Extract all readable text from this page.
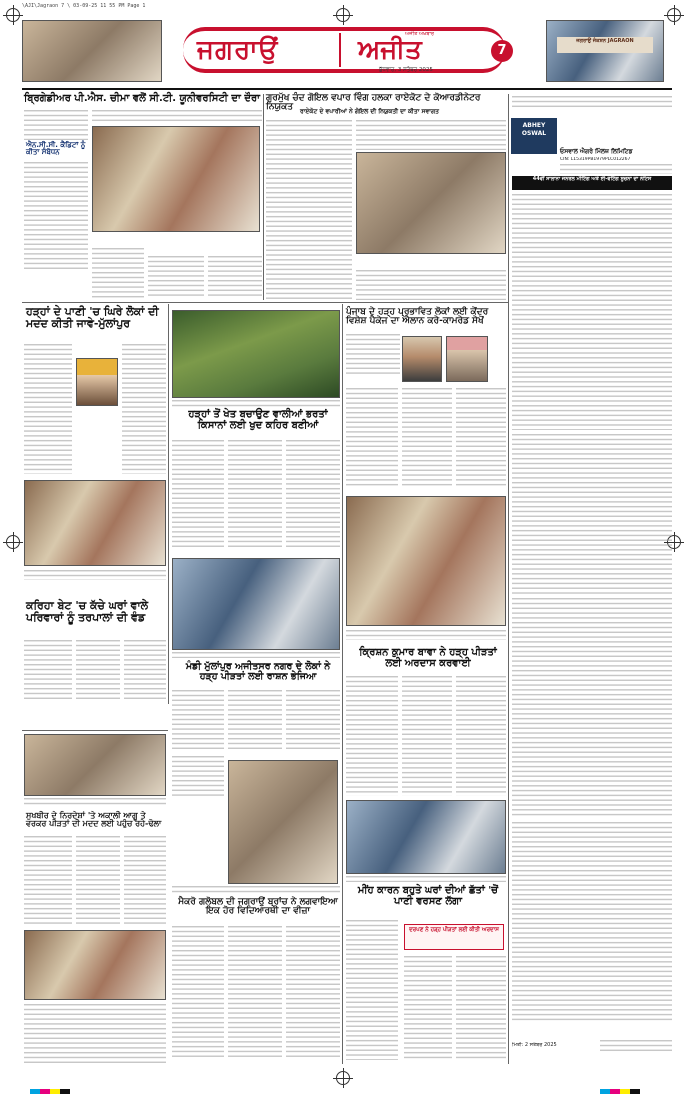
\AJI\Jagraon 7 \ 03-09-25 11 55 PM Page 1
ਜਗਰਾਉਂ
ਅਜੀਤ ਅਖ਼ਬਾਰ
ਅਜੀਤ
ਬੁੱਧਵਾਰ, 3 ਸਤੰਬਰ 2025
7
ਜਗਰਾਉਂ ਜੰਕਸ਼ਨ JAGRAON
ਬ੍ਰਿਗੇਡੀਅਰ ਪੀ.ਐਸ. ਚੀਮਾ ਵਲੋਂ ਸੀ.ਟੀ. ਯੂਨੀਵਰਸਿਟੀ ਦਾ ਦੌਰਾ ਗੁਰਮੁੱਖ ਚੰਦ ਗੋਇਲ ਵਪਾਰ ਵਿੰਗ ਹਲਕਾ ਰਾਏਕੋਟ ਦੇ ਕੋਆਰਡੀਨੇਟਰ ਨਿਯੁਕਤ	ਰਾਏਕੋਟ ਦੇ ਵਪਾਰੀਆਂ ਨੇ ਗੋਇਲ ਦੀ ਨਿਯੁਕਤੀ ਦਾ ਕੀਤਾ ਸਵਾਗਤ
ਐਨ.ਸੀ.ਸੀ. ਕੈਡਿਟਾਂ ਨੂੰ ਕੀਤਾ ਸੰਬੋਧਨ
ਹੜ੍ਹਾਂ ਦੇ ਪਾਣੀ 'ਚ ਘਿਰੇ ਲੋਕਾਂ ਦੀ ਮਦਦ ਕੀਤੀ ਜਾਵੇ-ਮੁੱਲਾਂਪੁਰ
ਹੜ੍ਹਾਂ ਤੋਂ ਖੇਤ ਬਚਾਉਣ ਵਾਲੀਆਂ ਭਰਤਾਂ ਕਿਸਾਨਾਂ ਲਈ ਖੁਦ ਕਹਿਰ ਬਣੀਆਂ
ਪੰਜਾਬ ਦੇ ਹੜ੍ਹ ਪ੍ਰਭਾਵਿਤ ਲੋਕਾਂ ਲਈ ਕੇਂਦਰ ਵਿਸ਼ੇਸ਼ ਪੈਕੇਜ ਦਾ ਐਲਾਨ ਕਰੇ-ਕਾਮਰੇਡ ਸੇਖੋਂ
ਕਰਿਹਾ ਬੇਟ 'ਚ ਕੱਚੇ ਘਰਾਂ ਵਾਲੇ ਪਰਿਵਾਰਾਂ ਨੂੰ ਤਰਪਾਲਾਂ ਦੀ ਵੰਡ
ਮੰਡੀ ਮੁੱਲਾਂਪੁਰ ਅਜੀਤਸਰ ਨਗਰ ਦੇ ਲੋਕਾਂ ਨੇ ਹੜ੍ਹ ਪੀੜਤਾਂ ਲਈ ਰਾਸ਼ਨ ਭੇਜਿਆ
ਕ੍ਰਿਸ਼ਨ ਕੁਮਾਰ ਬਾਵਾ ਨੇ ਹੜ੍ਹ ਪੀੜਤਾਂ ਲਈ ਅਰਦਾਸ ਕਰਵਾਈ
ਸੁਖਬੀਰ ਦੇ ਨਿਰਦੇਸ਼ਾਂ 'ਤੇ ਅਕਾਲੀ ਆਗੂ ਤੇ ਵਰਕਰ ਪੀੜਤਾਂ ਦੀ ਮਦਦ ਲਈ ਪਹੁੰਚ ਰਹੇ-ਢੋਲਾ
ਮੈਕਰੋ ਗਲੋਬਲ ਦੀ ਜਗਰਾਉਂ ਬ੍ਰਾਂਚ ਨੇ ਲਗਵਾਇਆ ਇਕ ਹੋਰ ਵਿਦਿਆਰਥੀ ਦਾ ਵੀਜ਼ਾ
ਮੀਂਹ ਕਾਰਨ ਬਹੁਤੇ ਘਰਾਂ ਦੀਆਂ ਛੱਤਾਂ 'ਚੋਂ ਪਾਣੀ ਵਰਸਣ ਲੱਗਾ
ਦਰਪਣ ਨੇ ਹੜ੍ਹ ਪੀੜਤਾਂ ਲਈ ਕੀਤੀ ਅਰਦਾਸ
ABHEY
OSWAL
ਓਸਵਾਲ ਐਗਰੋ ਮਿੱਲਜ਼ ਲਿਮਿਟਿਡ
CIN: L15319PB1979PLC012267
44ਵੀਂ ਸਾਲਾਨਾ ਜਨਰਲ ਮੀਟਿੰਗ ਅਤੇ ਈ-ਵੋਟਿੰਗ ਸੂਚਨਾ ਦਾ ਨੋਟਿਸ
ਮਿਤੀ: 2 ਸਤੰਬਰ 2025
